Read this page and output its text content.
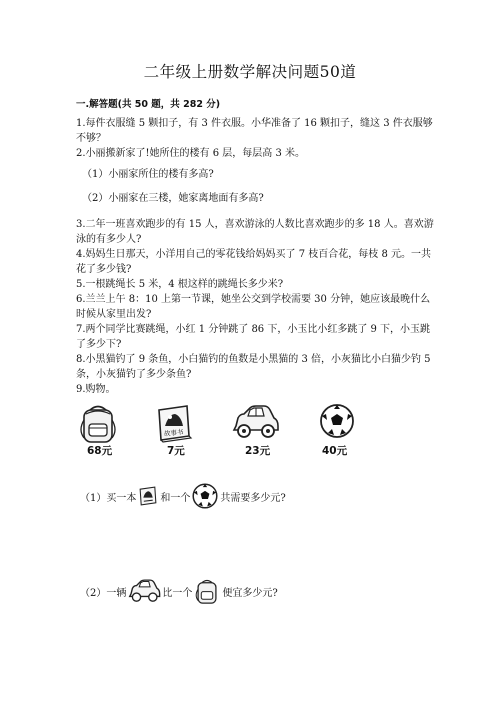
二年级上册数学解决问题50道
一.解答题(共 50 题，共 282 分)

1.每件衣服缝 5 颗扣子，有 3 件衣服。小华准备了 16 颗扣子，缝这 3 件衣服够不够？

2.小丽搬新家了!她所住的楼有 6 层，每层高 3 米。

（1）小丽家所住的楼有多高?

（2）小丽家在三楼，她家离地面有多高?

3.二年一班喜欢跑步的有 15 人，喜欢游泳的人数比喜欢跑步的多 18 人。喜欢游泳的有多少人?

4.妈妈生日那天，小洋用自己的零花钱给妈妈买了 7 枝百合花，每枝 8 元。一共花了多少钱?

5.一根跳绳长 5 米，4 根这样的跳绳长多少米?

6.兰兰上午 8：10 上第一节课，她坐公交到学校需要 30 分钟，她应该最晚什么时候从家里出发?

7.两个同学比赛跳绳，小红 1 分钟跳了 86 下，小玉比小红多跳了 9 下，小玉跳了多少下?

8.小黑猫钓了 9 条鱼，小白猫钓的鱼数是小黑猫的 3 倍，小灰猫比小白猫少钓 5 条，小灰猫钓了多少条鱼?

9.购物。

68元
故事书
7元	23元	40元
（1）买一本 和一个	共需要多少元?
（2）一辆	比一个	便宜多少元?
